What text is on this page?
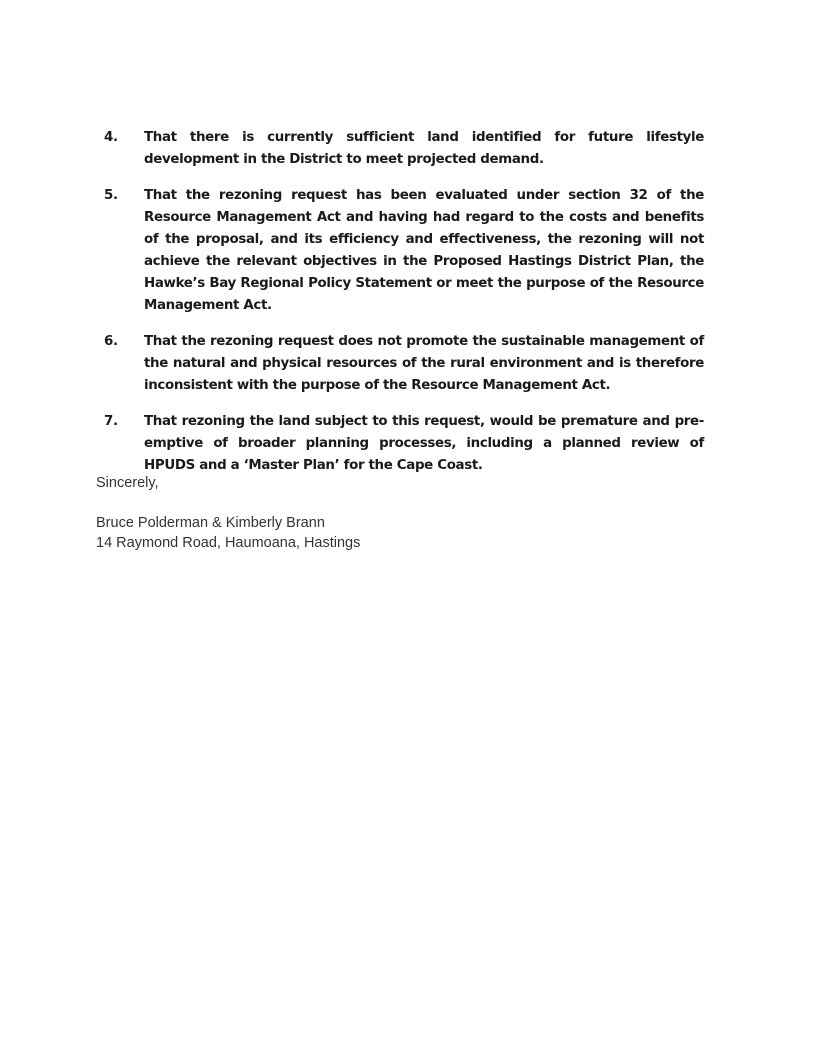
4.	That there is currently sufficient land identified for future lifestyle development in the District to meet projected demand.
5.	That the rezoning request has been evaluated under section 32 of the Resource Management Act and having had regard to the costs and benefits of the proposal, and its efficiency and effectiveness, the rezoning will not achieve the relevant objectives in the Proposed Hastings District Plan, the Hawke’s Bay Regional Policy Statement or meet the purpose of the Resource Management Act.
6.	That the rezoning request does not promote the sustainable management of the natural and physical resources of the rural environment and is therefore inconsistent with the purpose of the Resource Management Act.
7.	That rezoning the land subject to this request, would be premature and pre-emptive of broader planning processes, including a planned review of HPUDS and a ‘Master Plan’ for the Cape Coast.

Sincerely,

Bruce Polderman & Kimberly Brann

14 Raymond Road, Haumoana, Hastings
